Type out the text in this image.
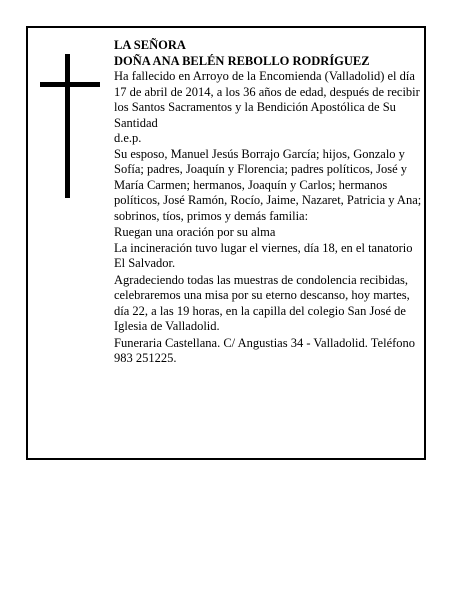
LA SEÑORA
DOÑA ANA BELÉN REBOLLO RODRÍGUEZ
Ha fallecido en Arroyo de la Encomienda (Valladolid) el día 17 de abril de 2014, a los 36 años de edad, después de recibir los Santos Sacramentos y la Bendición Apostólica de Su Santidad
d.e.p.
Su esposo, Manuel Jesús Borrajo García; hijos, Gonzalo y Sofía; padres, Joaquín y Florencia; padres políticos, José y María Carmen; hermanos, Joaquín y Carlos; hermanos políticos, José Ramón, Rocío, Jaime, Nazaret, Patricia y Ana; sobrinos, tíos, primos y demás familia:
Ruegan una oración por su alma
La incineración tuvo lugar el viernes, día 18, en el tanatorio El Salvador.
Agradeciendo todas las muestras de condolencia recibidas, celebraremos una misa por su eterno descanso, hoy martes, día 22, a las 19 horas, en la capilla del colegio San José de Iglesia de Valladolid.
Funeraria Castellana. C/ Angustias 34 - Valladolid. Teléfono 983 251225.
